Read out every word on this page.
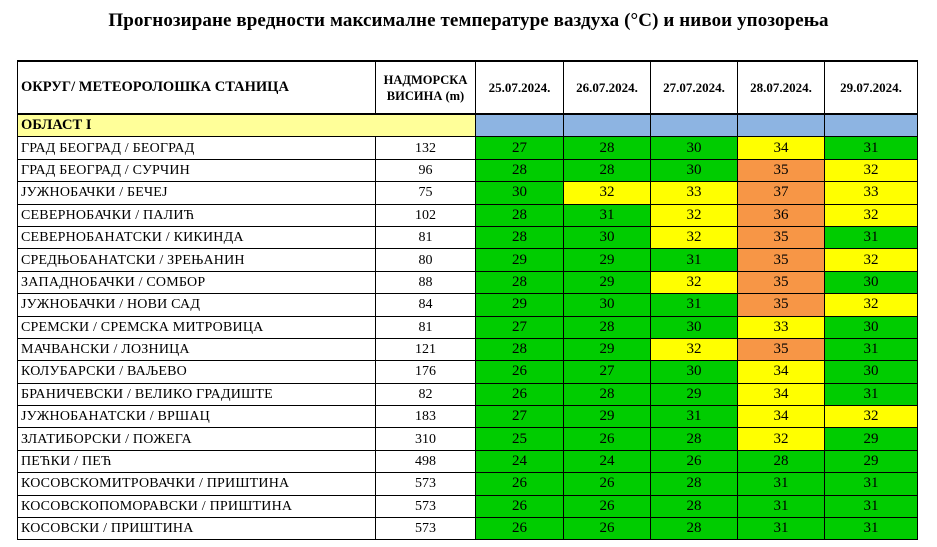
Прогнозиране вредности максималне температуре ваздуха (°C) и нивои упозорења
ОКРУГ/ МЕТЕОРОЛОШКА СТАНИЦА	НАДМОРСКА ВИСИНА (m)	25.07.2024.	26.07.2024.	27.07.2024.	28.07.2024.	29.07.2024.
ОБЛАСТ I						
ГРАД БЕОГРАД / БЕОГРАД	132	27	28	30	34	31
ГРАД БЕОГРАД / СУРЧИН	96	28	28	30	35	32
ЈУЖНОБАЧКИ / БЕЧЕЈ	75	30	32	33	37	33
СЕВЕРНОБАЧКИ / ПАЛИЋ	102	28	31	32	36	32
СЕВЕРНОБАНАТСКИ / КИКИНДА	81	28	30	32	35	31
СРЕДЊОБАНАТСКИ / ЗРЕЊАНИН	80	29	29	31	35	32
ЗАПАДНОБАЧКИ / СОМБОР	88	28	29	32	35	30
ЈУЖНОБАЧКИ / НОВИ САД	84	29	30	31	35	32
СРЕМСКИ / СРЕМСКА МИТРОВИЦА	81	27	28	30	33	30
МАЧВАНСКИ / ЛОЗНИЦА	121	28	29	32	35	31
КОЛУБАРСКИ / ВАЉЕВО	176	26	27	30	34	30
БРАНИЧЕВСКИ / ВЕЛИКО ГРАДИШТЕ	82	26	28	29	34	31
ЈУЖНОБАНАТСКИ / ВРШАЦ	183	27	29	31	34	32
ЗЛАТИБОРСКИ / ПОЖЕГА	310	25	26	28	32	29
ПЕЋКИ / ПЕЋ	498	24	24	26	28	29
КОСОВСКОМИТРОВАЧКИ / ПРИШТИНА	573	26	26	28	31	31
КОСОВСКОПОМОРАВСКИ / ПРИШТИНА	573	26	26	28	31	31
КОСОВСКИ / ПРИШТИНА	573	26	26	28	31	31
